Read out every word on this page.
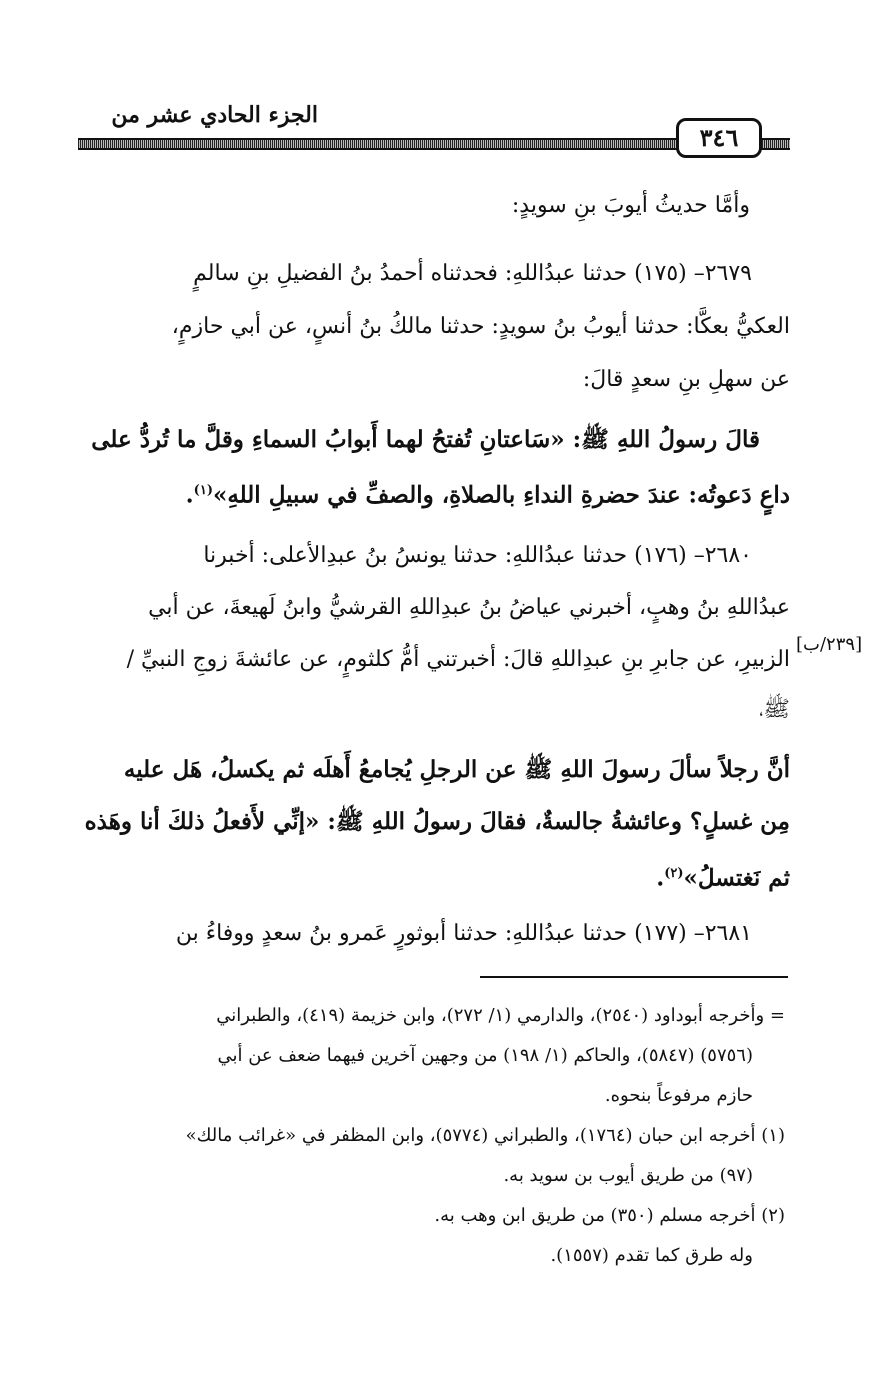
الجزء الحادي عشر من
٣٤٦
وأمَّا حديثُ أيوبَ بنِ سويدٍ:
٢٦٧٩– (١٧٥) حدثنا عبدُاللهِ: فحدثناه أحمدُ بنُ الفضيلِ بنِ سالمٍ
العكيُّ بعكَّا: حدثنا أيوبُ بنُ سويدٍ: حدثنا مالكُ بنُ أنسٍ، عن أبي حازمٍ،
عن سهلِ بنِ سعدٍ قالَ:
قالَ رسولُ اللهِ ﷺ: «سَاعتانِ تُفتحُ لهما أَبوابُ السماءِ وقلَّ ما تُردُّ على
داعٍ دَعوتُه: عندَ حضرةِ النداءِ بالصلاةِ، والصفِّ في سبيلِ اللهِ»$^{(١)}$.
٢٦٨٠– (١٧٦) حدثنا عبدُاللهِ: حدثنا يونسُ بنُ عبدِالأعلى: أخبرنا
عبدُاللهِ بنُ وهبٍ، أخبرني عياضُ بنُ عبدِاللهِ القرشيُّ وابنُ لَهيعةَ، عن أبي
الزبيرِ، عن جابرِ بنِ عبدِاللهِ قالَ: أخبرتني أمُّ كلثومٍ، عن عائشةَ زوجِ النبيِّ /
ﷺ،
أنَّ رجلاً سألَ رسولَ اللهِ ﷺ عن الرجلِ يُجامعُ أَهلَه ثم يكسلُ، هَل عليه
مِن غسلٍ؟ وعائشةُ جالسةٌ، فقالَ رسولُ اللهِ ﷺ: «إنِّي لأَفعلُ ذلكَ أنا وهَذه
ثم نَغتسلُ»$^{(٢)}$.
٢٦٨١– (١٧٧) حدثنا عبدُاللهِ: حدثنا أبوثورٍ عَمرو بنُ سعدٍ ووفاءُ بن
[٢٣٩/ب]
= وأخرجه أبوداود (٢٥٤٠)، والدارمي (١/ ٢٧٢)، وابن خزيمة (٤١٩)، والطبراني
(٥٧٥٦) (٥٨٤٧)، والحاكم (١/ ١٩٨) من وجهين آخرين فيهما ضعف عن أبي
حازم مرفوعاً بنحوه.
(١) أخرجه ابن حبان (١٧٦٤)، والطبراني (٥٧٧٤)، وابن المظفر في «غرائب مالك»
(٩٧) من طريق أيوب بن سويد به.
(٢) أخرجه مسلم (٣٥٠) من طريق ابن وهب به.
وله طرق كما تقدم (١٥٥٧).
